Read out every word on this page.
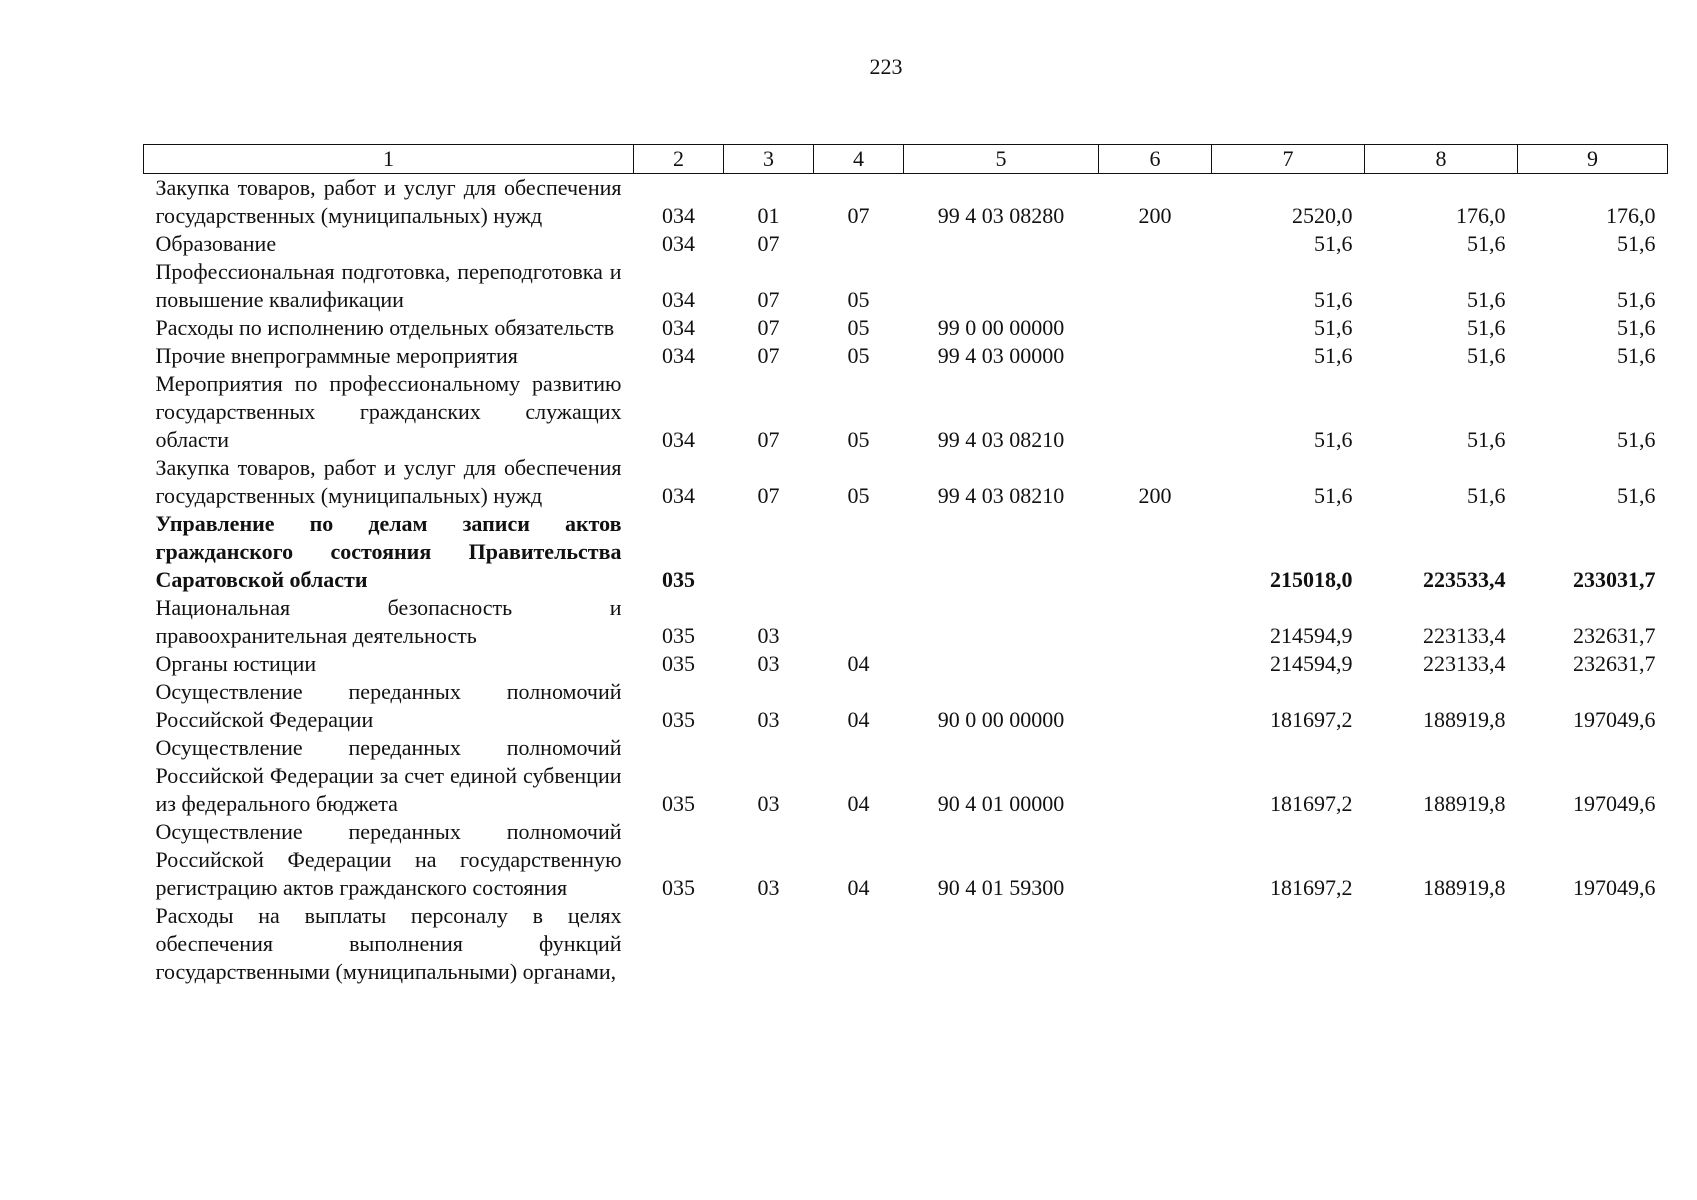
223
1	2	3	4	5	6	7	8	9
Закупка товаров, работ и услуг для обеспечения государственных (муниципальных) нужд	034	01	07	99 4 03 08280	200	2520,0	176,0	176,0
Образование	034	07				51,6	51,6	51,6
Профессиональная подготовка, переподготовка и повышение квалификации	034	07	05			51,6	51,6	51,6
Расходы по исполнению отдельных обязательств	034	07	05	99 0 00 00000		51,6	51,6	51,6
Прочие внепрограммные мероприятия	034	07	05	99 4 03 00000		51,6	51,6	51,6
Мероприятия по профессиональному развитию государственных гражданских служащих области	034	07	05	99 4 03 08210		51,6	51,6	51,6
Закупка товаров, работ и услуг для обеспечения государственных (муниципальных) нужд	034	07	05	99 4 03 08210	200	51,6	51,6	51,6
Управление по делам записи актов гражданского состояния Правительства Саратовской области	035					215018,0	223533,4	233031,7
Национальная безопасность и правоохранительная деятельность	035	03				214594,9	223133,4	232631,7
Органы юстиции	035	03	04			214594,9	223133,4	232631,7
Осуществление переданных полномочий Российской Федерации	035	03	04	90 0 00 00000		181697,2	188919,8	197049,6
Осуществление переданных полномочий Российской Федерации за счет единой субвенции из федерального бюджета	035	03	04	90 4 01 00000		181697,2	188919,8	197049,6
Осуществление переданных полномочий Российской Федерации на государственную регистрацию актов гражданского состояния	035	03	04	90 4 01 59300		181697,2	188919,8	197049,6
Расходы на выплаты персоналу в целях обеспечения выполнения функций государственными (муниципальными) органами,								
